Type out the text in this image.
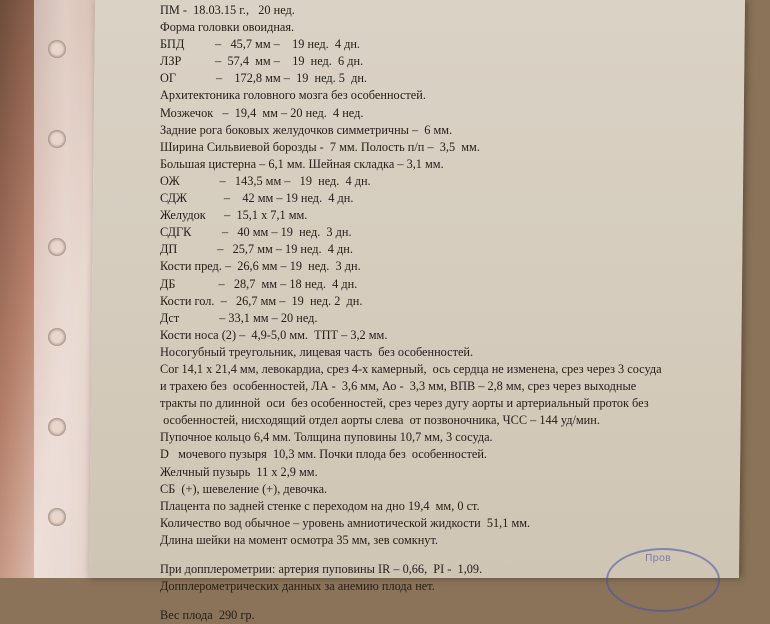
ПМ -  18.03.15 г.,   20 нед.
Форма головки овоидная.
БПД          –   45,7 мм –    19 нед.  4 дн.
ЛЗР           –  57,4  мм –    19  нед.  6 дн.
ОГ             –    172,8 мм –  19  нед. 5  дн.
Архитектоника головного мозга без особенностей.
Мозжечок   –  19,4  мм – 20 нед.  4 нед.
Задние рога боковых желудочков симметричны –  6 мм.
Ширина Сильвиевой борозды -  7 мм. Полость п/п –  3,5  мм.
Большая цистерна – 6,1 мм. Шейная складка – 3,1 мм.
ОЖ             –   143,5 мм –   19  нед.  4 дн.
СДЖ            –    42 мм – 19 нед.  4 дн.
Желудок      –  15,1 х 7,1 мм.
СДГК          –   40 мм – 19  нед.  3 дн.
ДП             –   25,7 мм – 19 нед.  4 дн.
Кости пред. –  26,6 мм – 19  нед.  3 дн.
ДБ              –   28,7  мм – 18 нед.  4 дн.
Кости гол.  –   26,7 мм –  19  нед. 2  дн.
Дст             – 33,1 мм – 20 нед.
Кости носа (2) –  4,9-5,0 мм.  ТПТ – 3,2 мм.
Носогубный треугольник, лицевая часть  без особенностей.
Cor 14,1 х 21,4 мм, левокардиа, срез 4-х камерный,  ось сердца не изменена, срез через 3 сосуда
и трахею без  особенностей, ЛА -  3,6 мм, Ао -  3,3 мм, ВПВ – 2,8 мм, срез через выходные
тракты по длинной  оси  без особенностей, срез через дугу аорты и артериальный проток без
особенностей, нисходящий отдел аорты слева  от позвоночника, ЧСС – 144 уд/мин.
Пупочное кольцо 6,4 мм. Толщина пуповины 10,7 мм, 3 сосуда.
D   мочевого пузыря  10,3 мм. Почки плода без  особенностей.
Желчный пузырь  11 х 2,9 мм.
СБ  (+), шевеление (+), девочка.
Плацента по задней стенке с переходом на дно 19,4  мм, 0 ст.
Количество вод обычное – уровень амниотической жидкости  51,1 мм.
Длина шейки на момент осмотра 35 мм, зев сомкнут.
При допплерометрии: артерия пуповины IR – 0,66,  PI -  1,09.
Допплерометрических данных за анемию плода нет.
Вес плода  290 гр.
Пров
